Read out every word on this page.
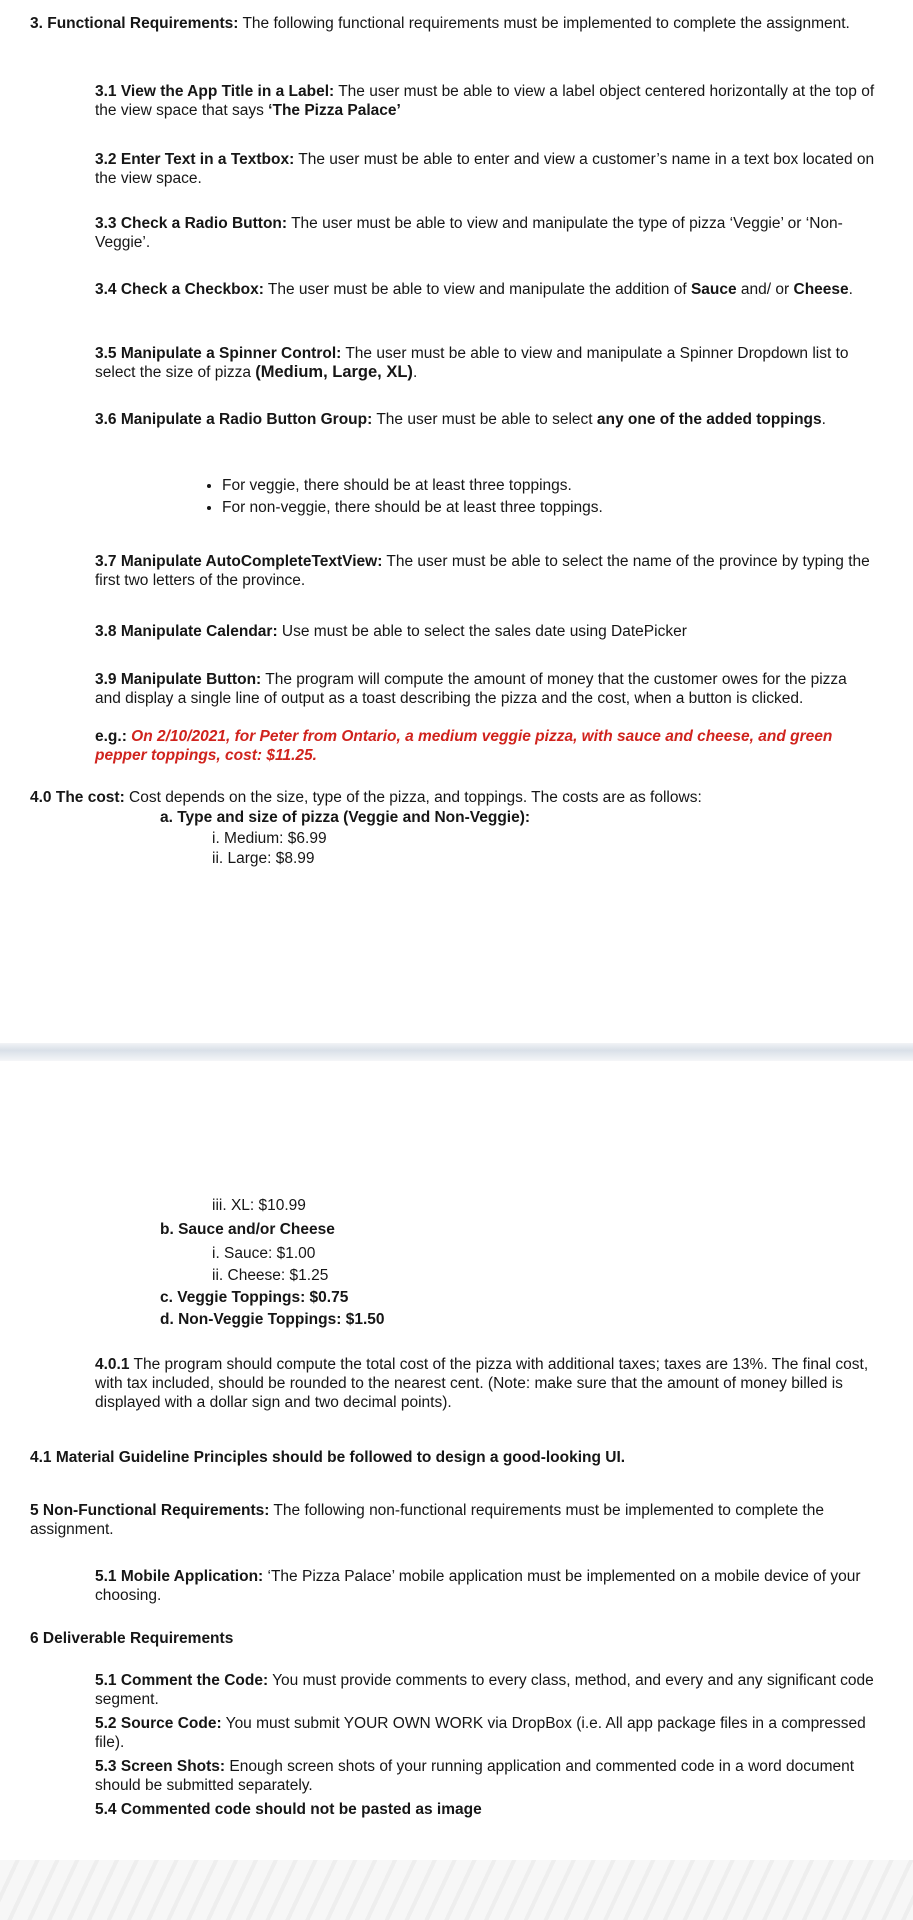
3. Functional Requirements: The following functional requirements must be implemented to complete the assignment.

3.1 View the App Title in a Label: The user must be able to view a label object centered horizontally at the top of the view space that says ‘The Pizza Palace’

3.2 Enter Text in a Textbox: The user must be able to enter and view a customer’s name in a text box located on the view space.

3.3 Check a Radio Button: The user must be able to view and manipulate the type of pizza ‘Veggie’ or ‘Non-Veggie’.

3.4 Check a Checkbox: The user must be able to view and manipulate the addition of Sauce and/ or Cheese.

3.5 Manipulate a Spinner Control: The user must be able to view and manipulate a Spinner Dropdown list to select the size of pizza (Medium, Large, XL).

3.6 Manipulate a Radio Button Group: The user must be able to select any one of the added toppings.

• For veggie, there should be at least three toppings.
• For non-veggie, there should be at least three toppings.

3.7 Manipulate AutoCompleteTextView: The user must be able to select the name of the province by typing the first two letters of the province.

3.8 Manipulate Calendar: Use must be able to select the sales date using DatePicker

3.9 Manipulate Button: The program will compute the amount of money that the customer owes for the pizza and display a single line of output as a toast describing the pizza and the cost, when a button is clicked.

e.g.: On 2/10/2021, for Peter from Ontario, a medium veggie pizza, with sauce and cheese, and green pepper toppings, cost: $11.25.

4.0 The cost: Cost depends on the size, type of the pizza, and toppings. The costs are as follows:

a. Type and size of pizza (Veggie and Non-Veggie):

i. Medium: $6.99

ii. Large: $8.99

iii. XL: $10.99

b. Sauce and/or Cheese

i. Sauce: $1.00

ii. Cheese: $1.25

c. Veggie Toppings: $0.75

d. Non-Veggie Toppings: $1.50

4.0.1 The program should compute the total cost of the pizza with additional taxes; taxes are 13%. The final cost, with tax included, should be rounded to the nearest cent. (Note: make sure that the amount of money billed is displayed with a dollar sign and two decimal points).

4.1 Material Guideline Principles should be followed to design a good-looking UI.

5 Non-Functional Requirements: The following non-functional requirements must be implemented to complete the assignment.

5.1 Mobile Application: ‘The Pizza Palace’ mobile application must be implemented on a mobile device of your choosing.

6 Deliverable Requirements

5.1 Comment the Code: You must provide comments to every class, method, and every and any significant code segment.

5.2 Source Code: You must submit YOUR OWN WORK via DropBox (i.e. All app package files in a compressed file).

5.3 Screen Shots: Enough screen shots of your running application and commented code in a word document should be submitted separately.

5.4 Commented code should not be pasted as image
